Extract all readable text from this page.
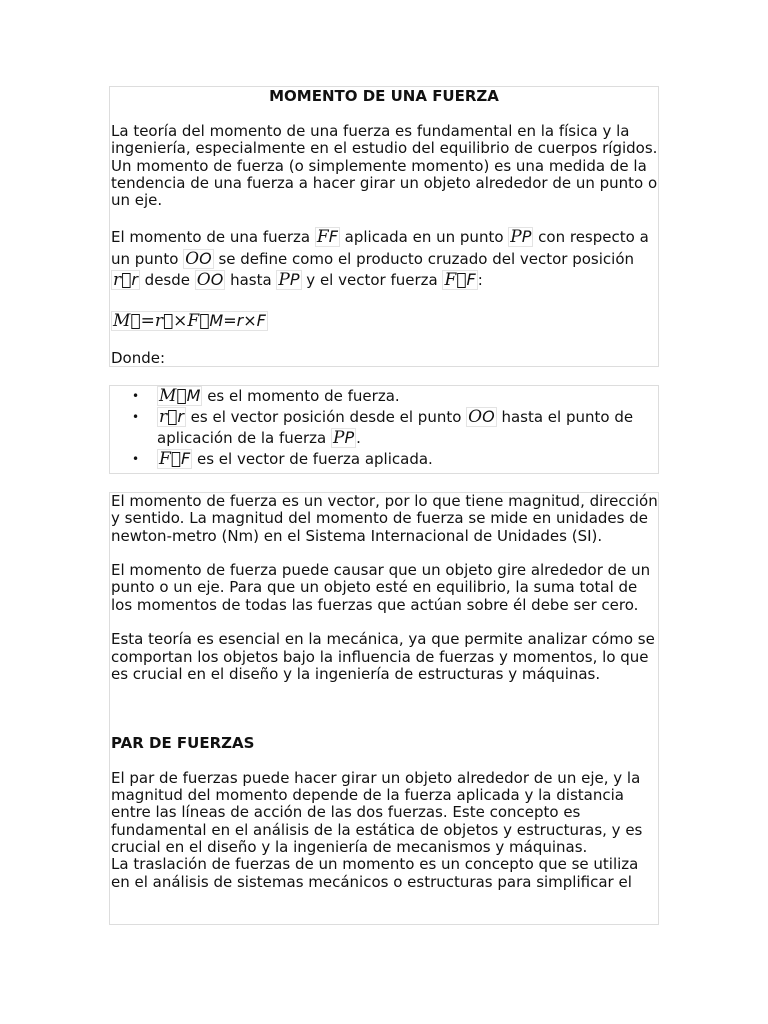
MOMENTO DE UNA FUERZA

La teoría del momento de una fuerza es fundamental en la física y la ingeniería, especialmente en el estudio del equilibrio de cuerpos rígidos. Un momento de fuerza (o simplemente momento) es una medida de la tendencia de una fuerza a hacer girar un objeto alrededor de un punto o un eje.

El momento de una fuerza FF aplicada en un punto PP con respecto a un punto OO se define como el producto cruzado del vector posición r⃗r desde OO hasta PP y el vector fuerza F⃗F :

M⃗=r⃗×F⃗M=r×F

Donde:

• M⃗M es el momento de fuerza.
• r⃗r es el vector posición desde el punto OO hasta el punto de aplicación de la fuerza PP .
• F⃗F es el vector de fuerza aplicada.

El momento de fuerza es un vector, por lo que tiene magnitud, dirección y sentido. La magnitud del momento de fuerza se mide en unidades de newton-metro (Nm) en el Sistema Internacional de Unidades (SI).

El momento de fuerza puede causar que un objeto gire alrededor de un punto o un eje. Para que un objeto esté en equilibrio, la suma total de los momentos de todas las fuerzas que actúan sobre él debe ser cero.

Esta teoría es esencial en la mecánica, ya que permite analizar cómo se comportan los objetos bajo la influencia de fuerzas y momentos, lo que es crucial en el diseño y la ingeniería de estructuras y máquinas.

PAR DE FUERZAS

El par de fuerzas puede hacer girar un objeto alrededor de un eje, y la magnitud del momento depende de la fuerza aplicada y la distancia entre las líneas de acción de las dos fuerzas. Este concepto es fundamental en el análisis de la estática de objetos y estructuras, y es crucial en el diseño y la ingeniería de mecanismos y máquinas.

La traslación de fuerzas de un momento es un concepto que se utiliza en el análisis de sistemas mecánicos o estructuras para simplificar el
